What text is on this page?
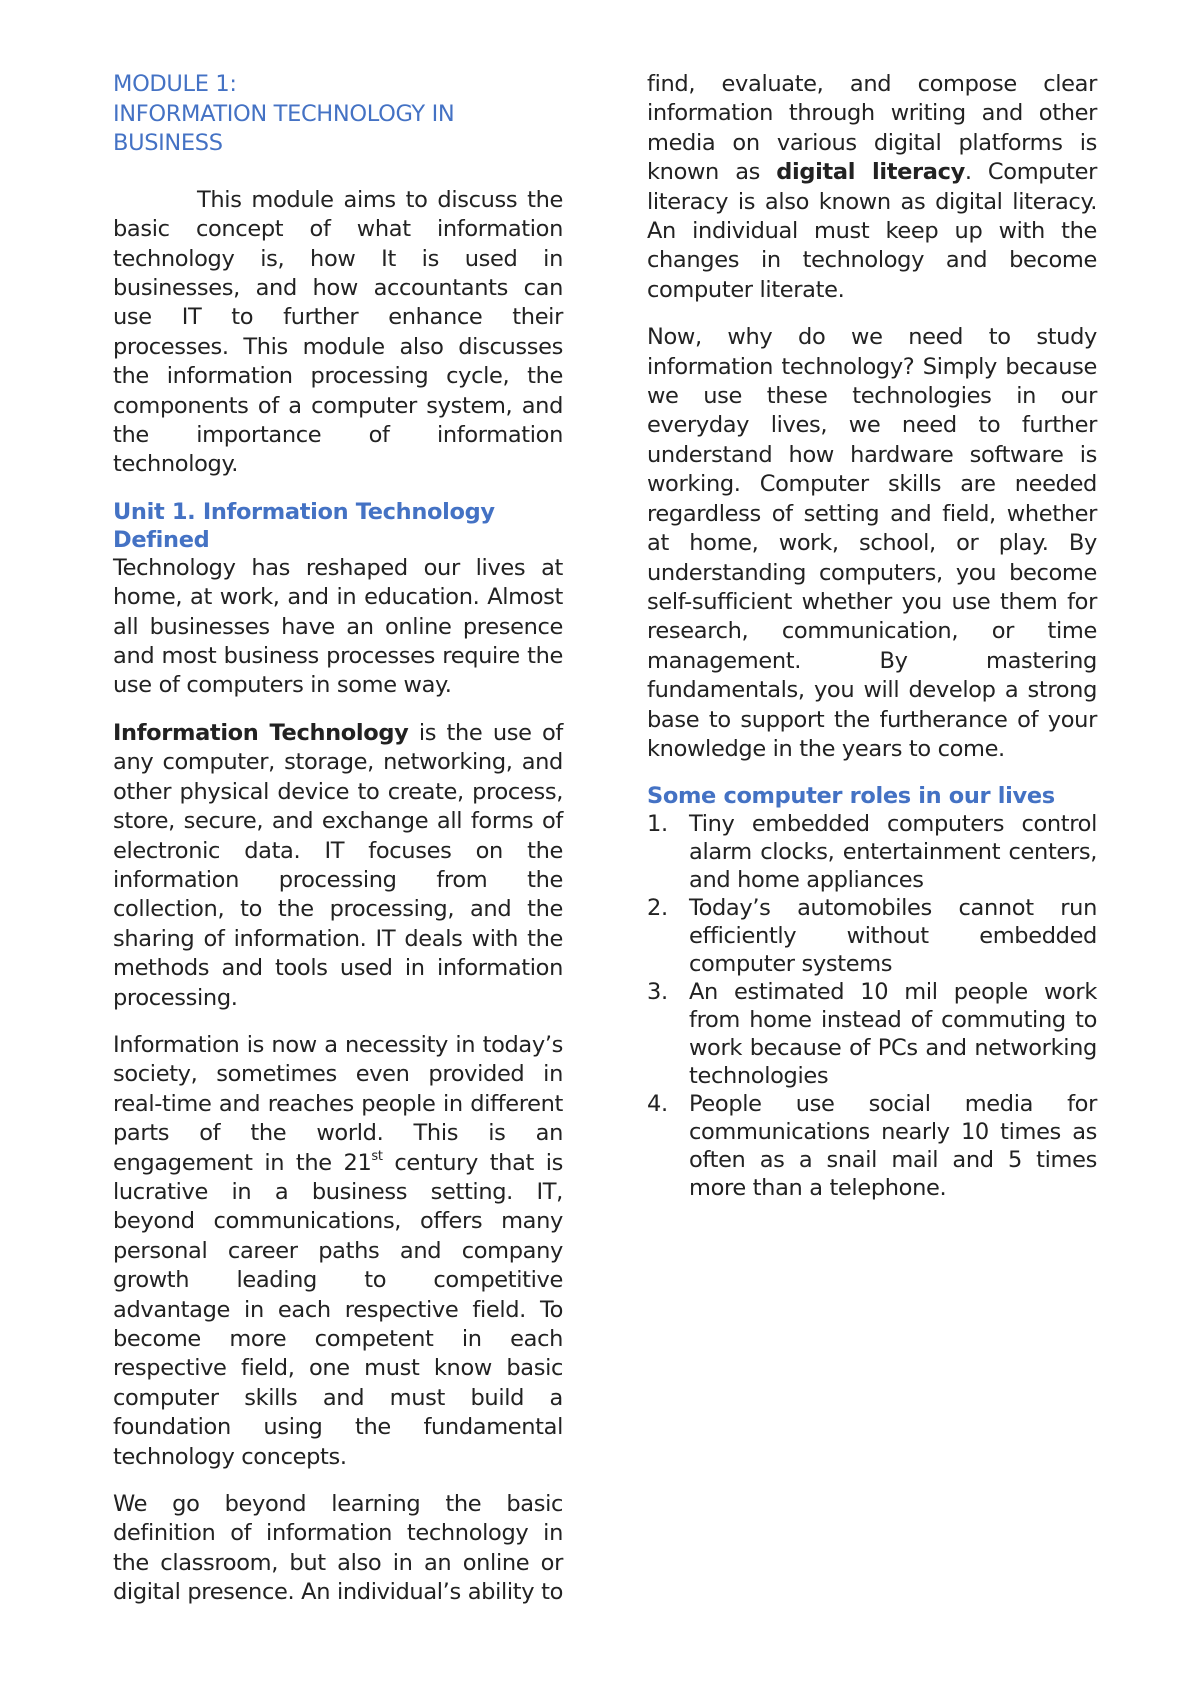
MODULE 1:
INFORMATION TECHNOLOGY IN
BUSINESS

This module aims to discuss the basic concept of what information technology is, how It is used in businesses, and how accountants can use IT to further enhance their processes. This module also discusses the information processing cycle, the components of a computer system, and the importance of information technology.

Unit 1. Information Technology
Defined

Technology has reshaped our lives at home, at work, and in education. Almost all businesses have an online presence and most business processes require the use of computers in some way.

Information Technology is the use of any computer, storage, networking, and other physical device to create, process, store, secure, and exchange all forms of electronic data. IT focuses on the information processing from the collection, to the processing, and the sharing of information. IT deals with the methods and tools used in information processing.

Information is now a necessity in today’s society, sometimes even provided in real-time and reaches people in different parts of the world. This is an engagement in the 21st century that is lucrative in a business setting. IT, beyond communications, offers many personal career paths and company growth leading to competitive advantage in each respective field. To become more competent in each respective field, one must know basic computer skills and must build a foundation using the fundamental technology concepts.

We go beyond learning the basic definition of information technology in the classroom, but also in an online or digital presence. An individual’s ability to

find, evaluate, and compose clear information through writing and other media on various digital platforms is known as digital literacy. Computer literacy is also known as digital literacy. An individual must keep up with the changes in technology and become computer literate.

Now, why do we need to study information technology? Simply because we use these technologies in our everyday lives, we need to further understand how hardware software is working. Computer skills are needed regardless of setting and field, whether at home, work, school, or play. By understanding computers, you become self-sufficient whether you use them for research, communication, or time management. By mastering fundamentals, you will develop a strong base to support the furtherance of your knowledge in the years to come.

Some computer roles in our lives
1. Tiny embedded computers control alarm clocks, entertainment centers, and home appliances
2. Today’s automobiles cannot run efficiently without embedded computer systems
3. An estimated 10 mil people work from home instead of commuting to work because of PCs and networking technologies
4. People use social media for communications nearly 10 times as often as a snail mail and 5 times more than a telephone.
